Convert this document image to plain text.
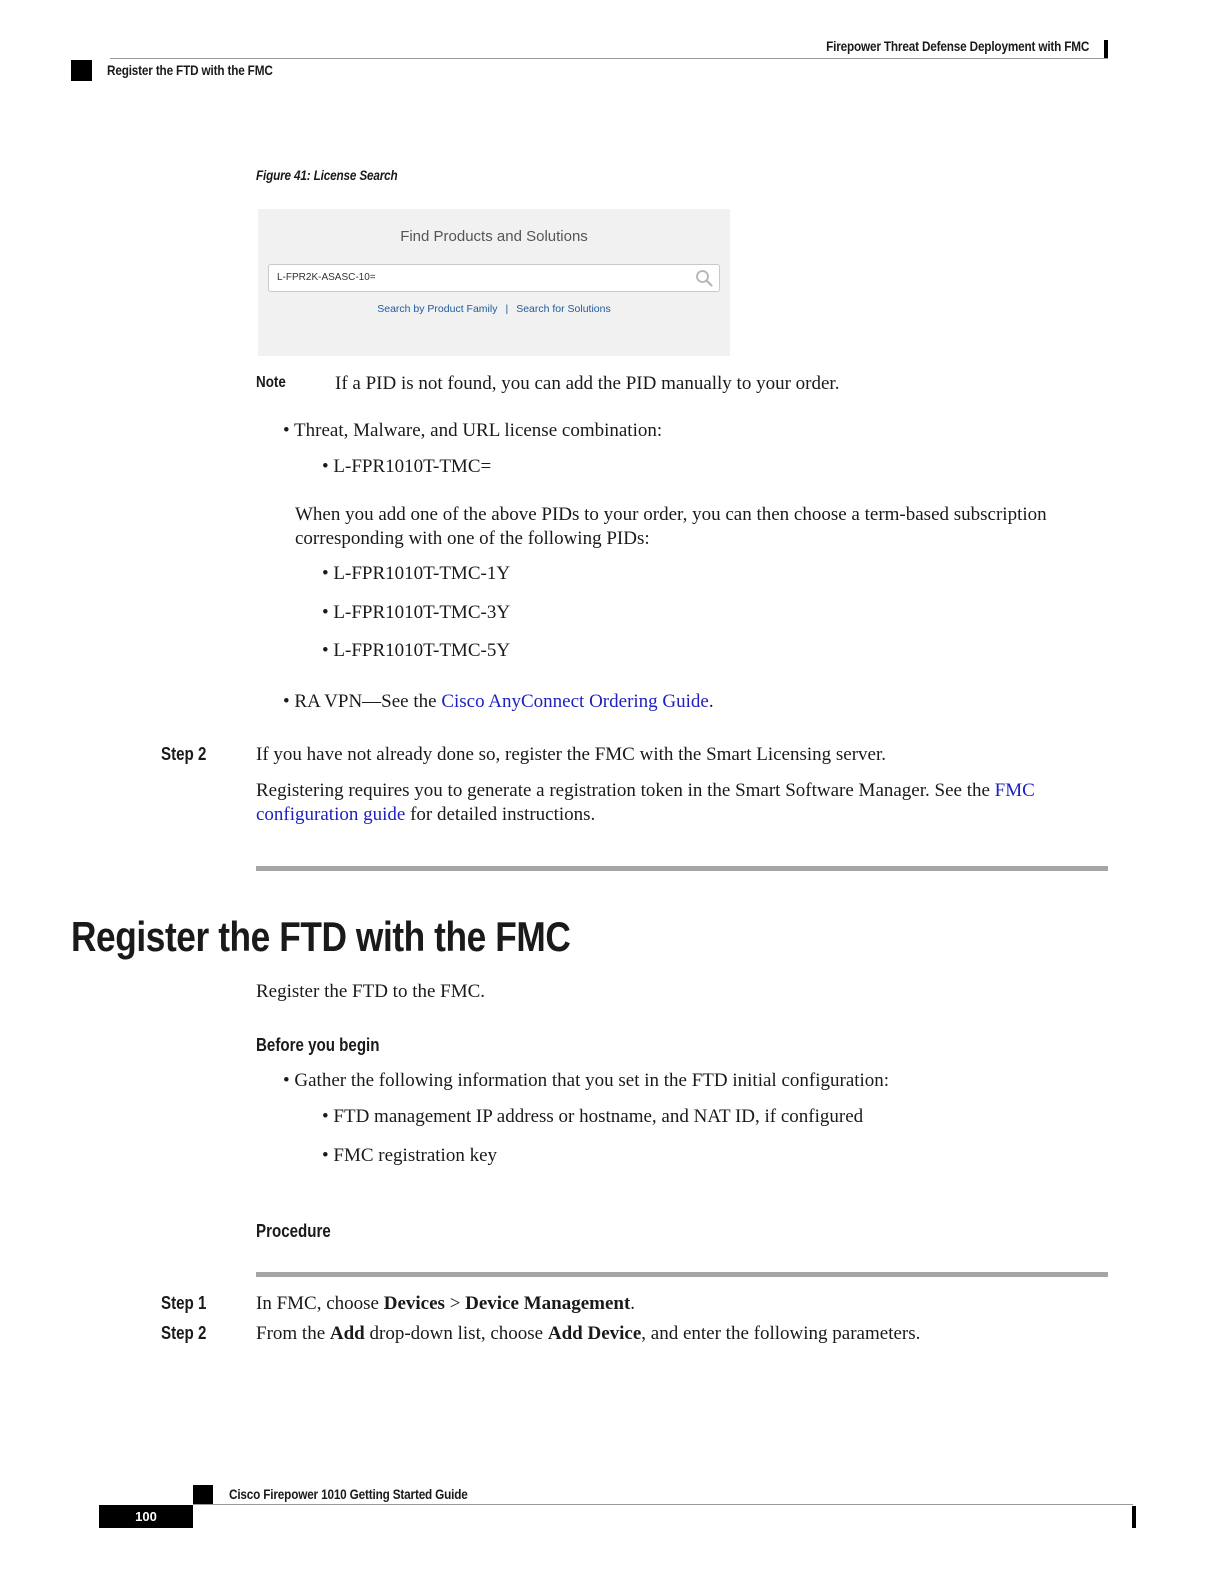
Firepower Threat Defense Deployment with FMC
Register the FTD with the FMC
Figure 41: License Search
Find Products and Solutions
L-FPR2K-ASASC-10=
Search by Product Family | Search for Solutions
Note	If a PID is not found, you can add the PID manually to your order.
• Threat, Malware, and URL license combination:
• L-FPR1010T-TMC=
When you add one of the above PIDs to your order, you can then choose a term-based subscription
corresponding with one of the following PIDs:
• L-FPR1010T-TMC-1Y
• L-FPR1010T-TMC-3Y
• L-FPR1010T-TMC-5Y
• RA VPN—See the Cisco AnyConnect Ordering Guide.
Step 2	If you have not already done so, register the FMC with the Smart Licensing server.
Registering requires you to generate a registration token in the Smart Software Manager. See the FMC
configuration guide for detailed instructions.
Register the FTD with the FMC
Register the FTD to the FMC.
Before you begin
• Gather the following information that you set in the FTD initial configuration:
• FTD management IP address or hostname, and NAT ID, if configured
• FMC registration key
Procedure
Step 1	In FMC, choose Devices > Device Management.
Step 2	From the Add drop-down list, choose Add Device, and enter the following parameters.
Cisco Firepower 1010 Getting Started Guide
100
